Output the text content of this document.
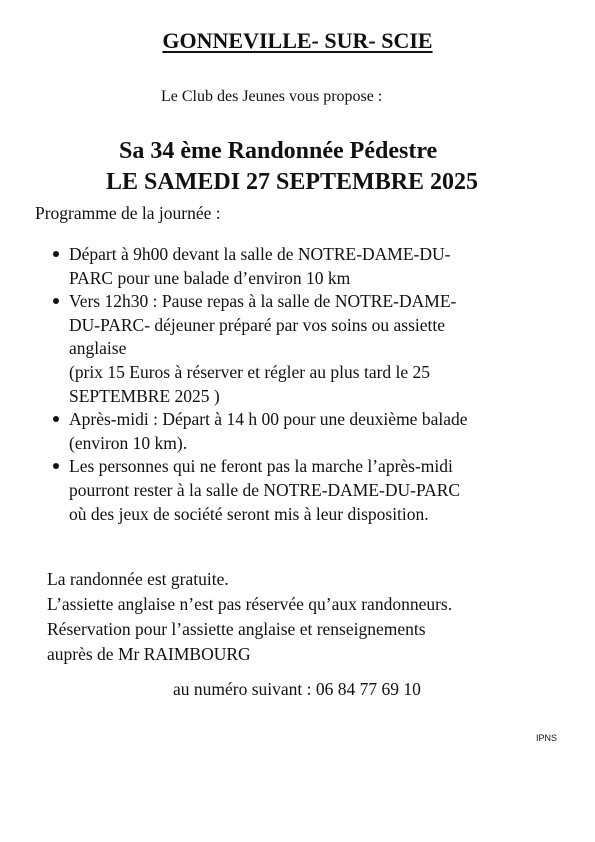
GONNEVILLE- SUR- SCIE
Le Club des Jeunes vous propose :
Sa 34 ème Randonnée Pédestre
LE SAMEDI 27 SEPTEMBRE 2025
Programme de la journée :
Départ à 9h00 devant la salle de NOTRE-DAME-DU-
PARC pour une balade d’environ 10 km
Vers 12h30 : Pause repas à la salle de NOTRE-DAME-
DU-PARC- déjeuner préparé par vos soins ou assiette
anglaise
(prix 15 Euros à réserver et régler au plus tard le 25
SEPTEMBRE 2025 )
Après-midi : Départ à 14 h 00 pour une deuxième balade
(environ 10 km).
Les personnes qui ne feront pas la marche l’après-midi
pourront rester à la salle de NOTRE-DAME-DU-PARC
où des jeux de société seront mis à leur disposition.
La randonnée est gratuite.
L’assiette anglaise n’est pas réservée qu’aux randonneurs.
Réservation pour l’assiette anglaise et renseignements
auprès de Mr RAIMBOURG
au numéro suivant : 06 84 77 69 10
IPNS
